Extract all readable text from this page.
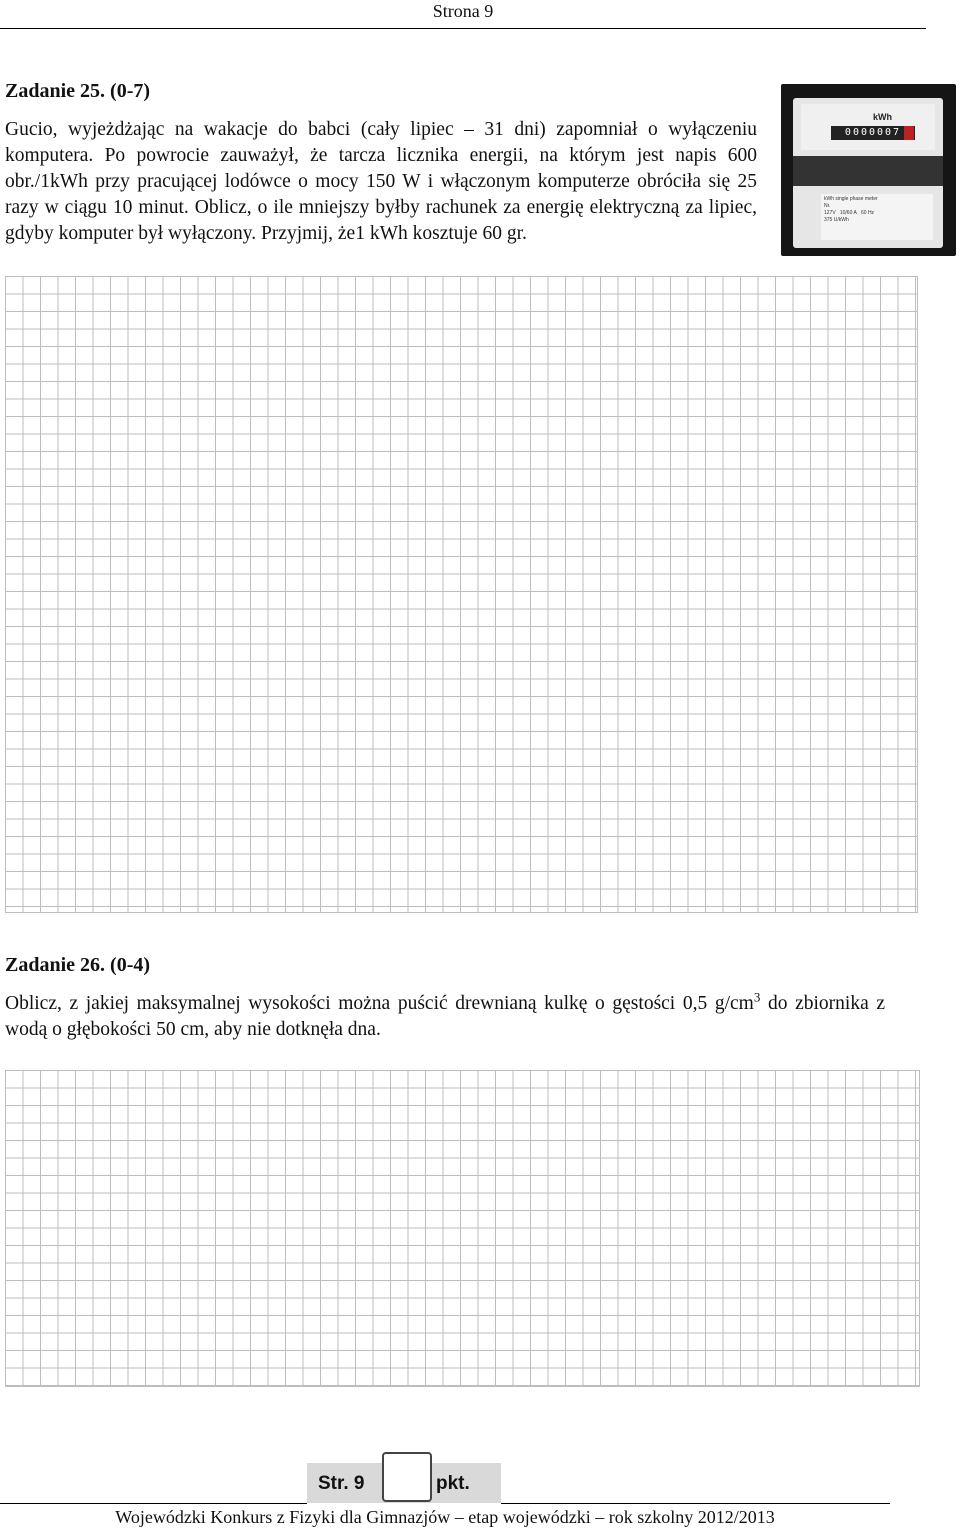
Strona 9
Zadanie 25. (0-7)
Gucio, wyjeżdżając na wakacje do babci (cały lipiec – 31 dni) zapomniał o wyłączeniu komputera. Po powrocie zauważył, że tarcza licznika energii, na którym jest napis 600 obr./1kWh przy pracującej lodówce o mocy 150 W i włączonym komputerze obróciła się 25 razy w ciągu 10 minut. Oblicz, o ile mniejszy byłby rachunek za energię elektryczną za lipiec, gdyby komputer był wyłączony. Przyjmij, że1 kWh kosztuje 60 gr.
kWh
0000007
kWh single phase meter
Nr.
127V 10/60 A 60 Hz
375 U/kWh
Zadanie 26. (0-4)
Oblicz, z jakiej maksymalnej wysokości można puścić drewnianą kulkę o gęstości 0,5 $g/cm^3$ do zbiornika z wodą o głębokości 50 cm, aby nie dotknęła dna.
Str. 9	pkt.
Wojewódzki Konkurs z Fizyki dla Gimnazjów – etap wojewódzki – rok szkolny 2012/2013
